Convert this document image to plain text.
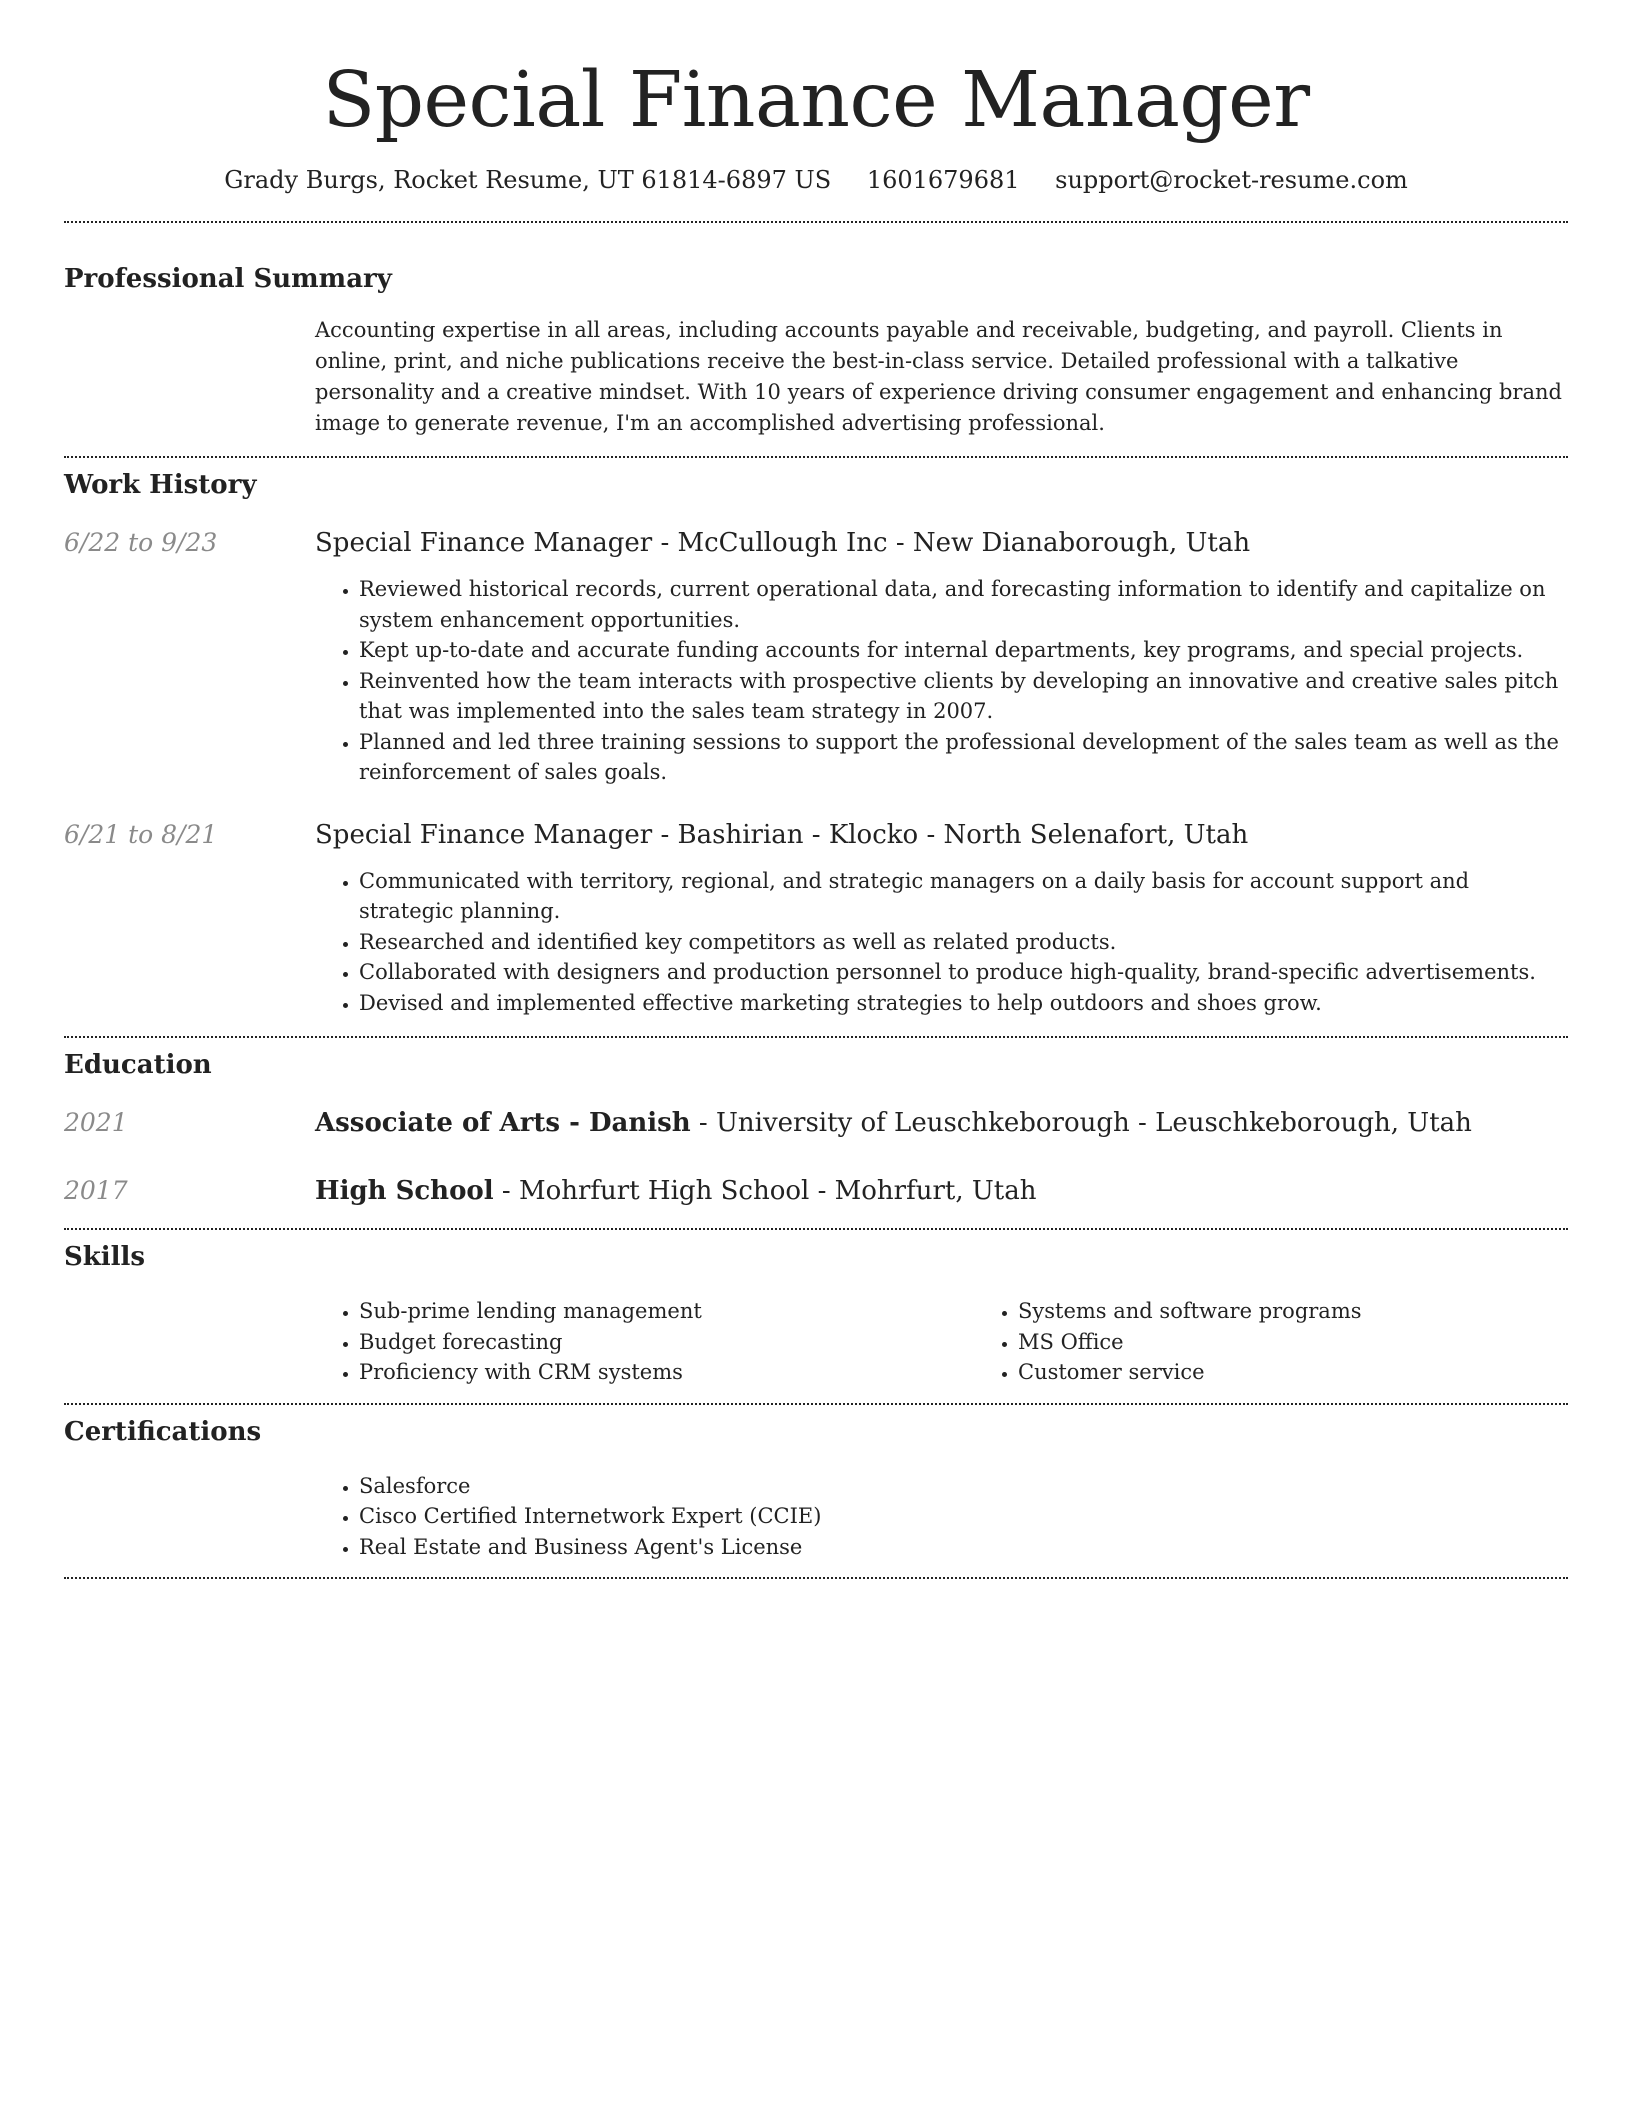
Special Finance Manager
Grady Burgs, Rocket Resume, UT 61814-6897 US 1601679681 support@rocket-resume.com
Professional Summary

Accounting expertise in all areas, including accounts payable and receivable, budgeting, and payroll. Clients in online, print, and niche publications receive the best-in-class service. Detailed professional with a talkative personality and a creative mindset. With 10 years of experience driving consumer engagement and enhancing brand image to generate revenue, I'm an accomplished advertising professional.

Work History
6/22 to 9/23	Special Finance Manager - McCullough Inc - New Dianaborough, Utah
• Reviewed historical records, current operational data, and forecasting information to identify and capitalize on system enhancement opportunities.
• Kept up-to-date and accurate funding accounts for internal departments, key programs, and special projects.
• Reinvented how the team interacts with prospective clients by developing an innovative and creative sales pitch that was implemented into the sales team strategy in 2007.
• Planned and led three training sessions to support the professional development of the sales team as well as the reinforcement of sales goals.
6/21 to 8/21	Special Finance Manager - Bashirian - Klocko - North Selenafort, Utah
• Communicated with territory, regional, and strategic managers on a daily basis for account support and strategic planning.
• Researched and identified key competitors as well as related products.
• Collaborated with designers and production personnel to produce high-quality, brand-specific advertisements.
• Devised and implemented effective marketing strategies to help outdoors and shoes grow.
Education
2021	Associate of Arts - Danish - University of Leuschkeborough - Leuschkeborough, Utah
2017	High School - Mohrfurt High School - Mohrfurt, Utah
Skills
• Sub-prime lending management
• Budget forecasting
• Proficiency with CRM systems
• Systems and software programs
• MS Office
• Customer service
Certifications
• Salesforce
• Cisco Certified Internetwork Expert (CCIE)
• Real Estate and Business Agent's License
